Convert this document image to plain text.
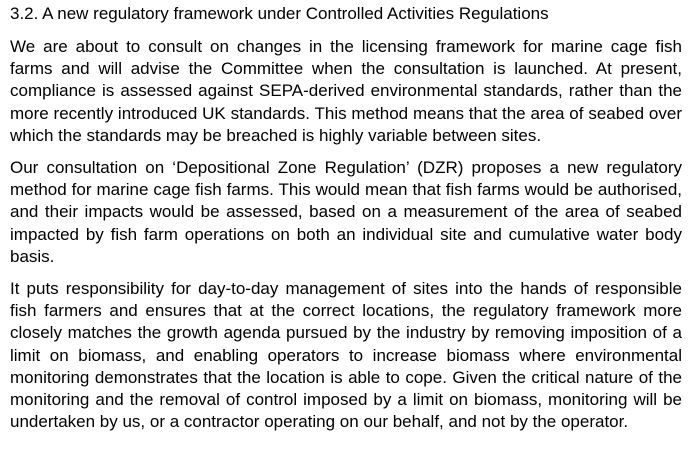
3.2. A new regulatory framework under Controlled Activities Regulations

We are about to consult on changes in the licensing framework for marine cage fish farms and will advise the Committee when the consultation is launched. At present, compliance is assessed against SEPA-derived environmental standards, rather than the more recently introduced UK standards. This method means that the area of seabed over which the standards may be breached is highly variable between sites.

Our consultation on ‘Depositional Zone Regulation’ (DZR) proposes a new regulatory method for marine cage fish farms. This would mean that fish farms would be authorised, and their impacts would be assessed, based on a measurement of the area of seabed impacted by fish farm operations on both an individual site and cumulative water body basis.

It puts responsibility for day-to-day management of sites into the hands of responsible fish farmers and ensures that at the correct locations, the regulatory framework more closely matches the growth agenda pursued by the industry by removing imposition of a limit on biomass, and enabling operators to increase biomass where environmental monitoring demonstrates that the location is able to cope. Given the critical nature of the monitoring and the removal of control imposed by a limit on biomass, monitoring will be undertaken by us, or a contractor operating on our behalf, and not by the operator.
